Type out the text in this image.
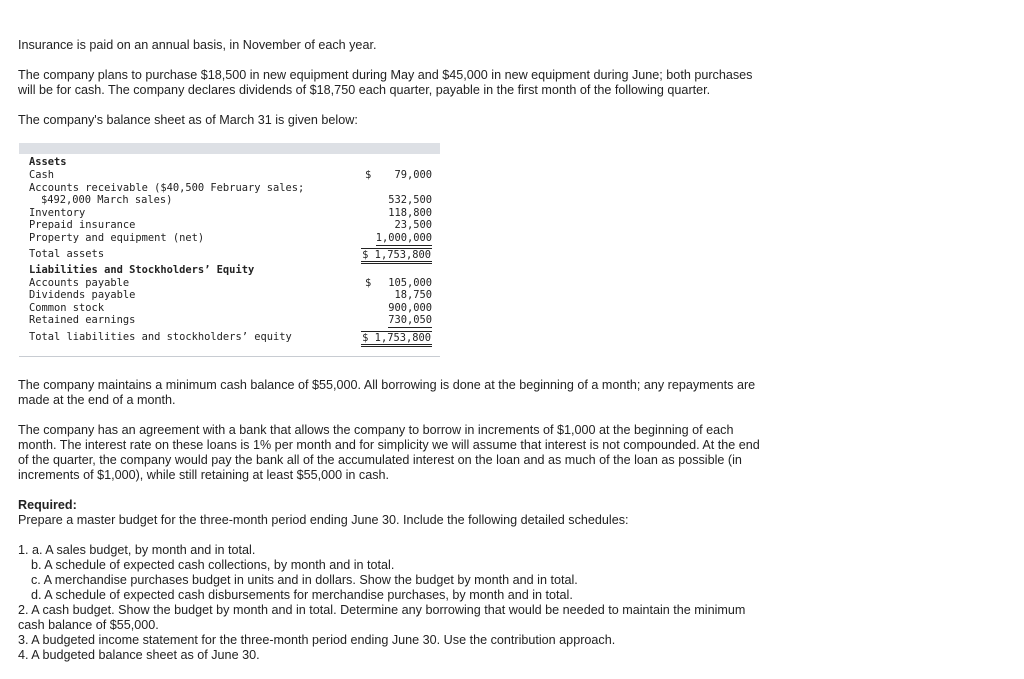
Insurance is paid on an annual basis, in November of each year.

The company plans to purchase $18,500 in new equipment during May and $45,000 in new equipment during June; both purchases
will be for cash. The company declares dividends of $18,750 each quarter, payable in the first month of the following quarter.

The company's balance sheet as of March 31 is given below:

Assets
Cash	$ 79,000
Accounts receivable ($40,500 February sales;
$492,000 March sales)	532,500
Inventory	118,800
Prepaid insurance	23,500
Property and equipment (net)	1,000,000
Total assets	$ 1,753,800
Liabilities and Stockholders’ Equity
Accounts payable	$ 105,000
Dividends payable	18,750
Common stock	900,000
Retained earnings	730,050
Total liabilities and stockholders’ equity	$ 1,753,800
The company maintains a minimum cash balance of $55,000. All borrowing is done at the beginning of a month; any repayments are
made at the end of a month.
The company has an agreement with a bank that allows the company to borrow in increments of $1,000 at the beginning of each
month. The interest rate on these loans is 1% per month and for simplicity we will assume that interest is not compounded. At the end
of the quarter, the company would pay the bank all of the accumulated interest on the loan and as much of the loan as possible (in
increments of $1,000), while still retaining at least $55,000 in cash.
Required:
Prepare a master budget for the three-month period ending June 30. Include the following detailed schedules:
1. a. A sales budget, by month and in total.
b. A schedule of expected cash collections, by month and in total.
c. A merchandise purchases budget in units and in dollars. Show the budget by month and in total.
d. A schedule of expected cash disbursements for merchandise purchases, by month and in total.
2. A cash budget. Show the budget by month and in total. Determine any borrowing that would be needed to maintain the minimum
cash balance of $55,000.
3. A budgeted income statement for the three-month period ending June 30. Use the contribution approach.
4. A budgeted balance sheet as of June 30.
